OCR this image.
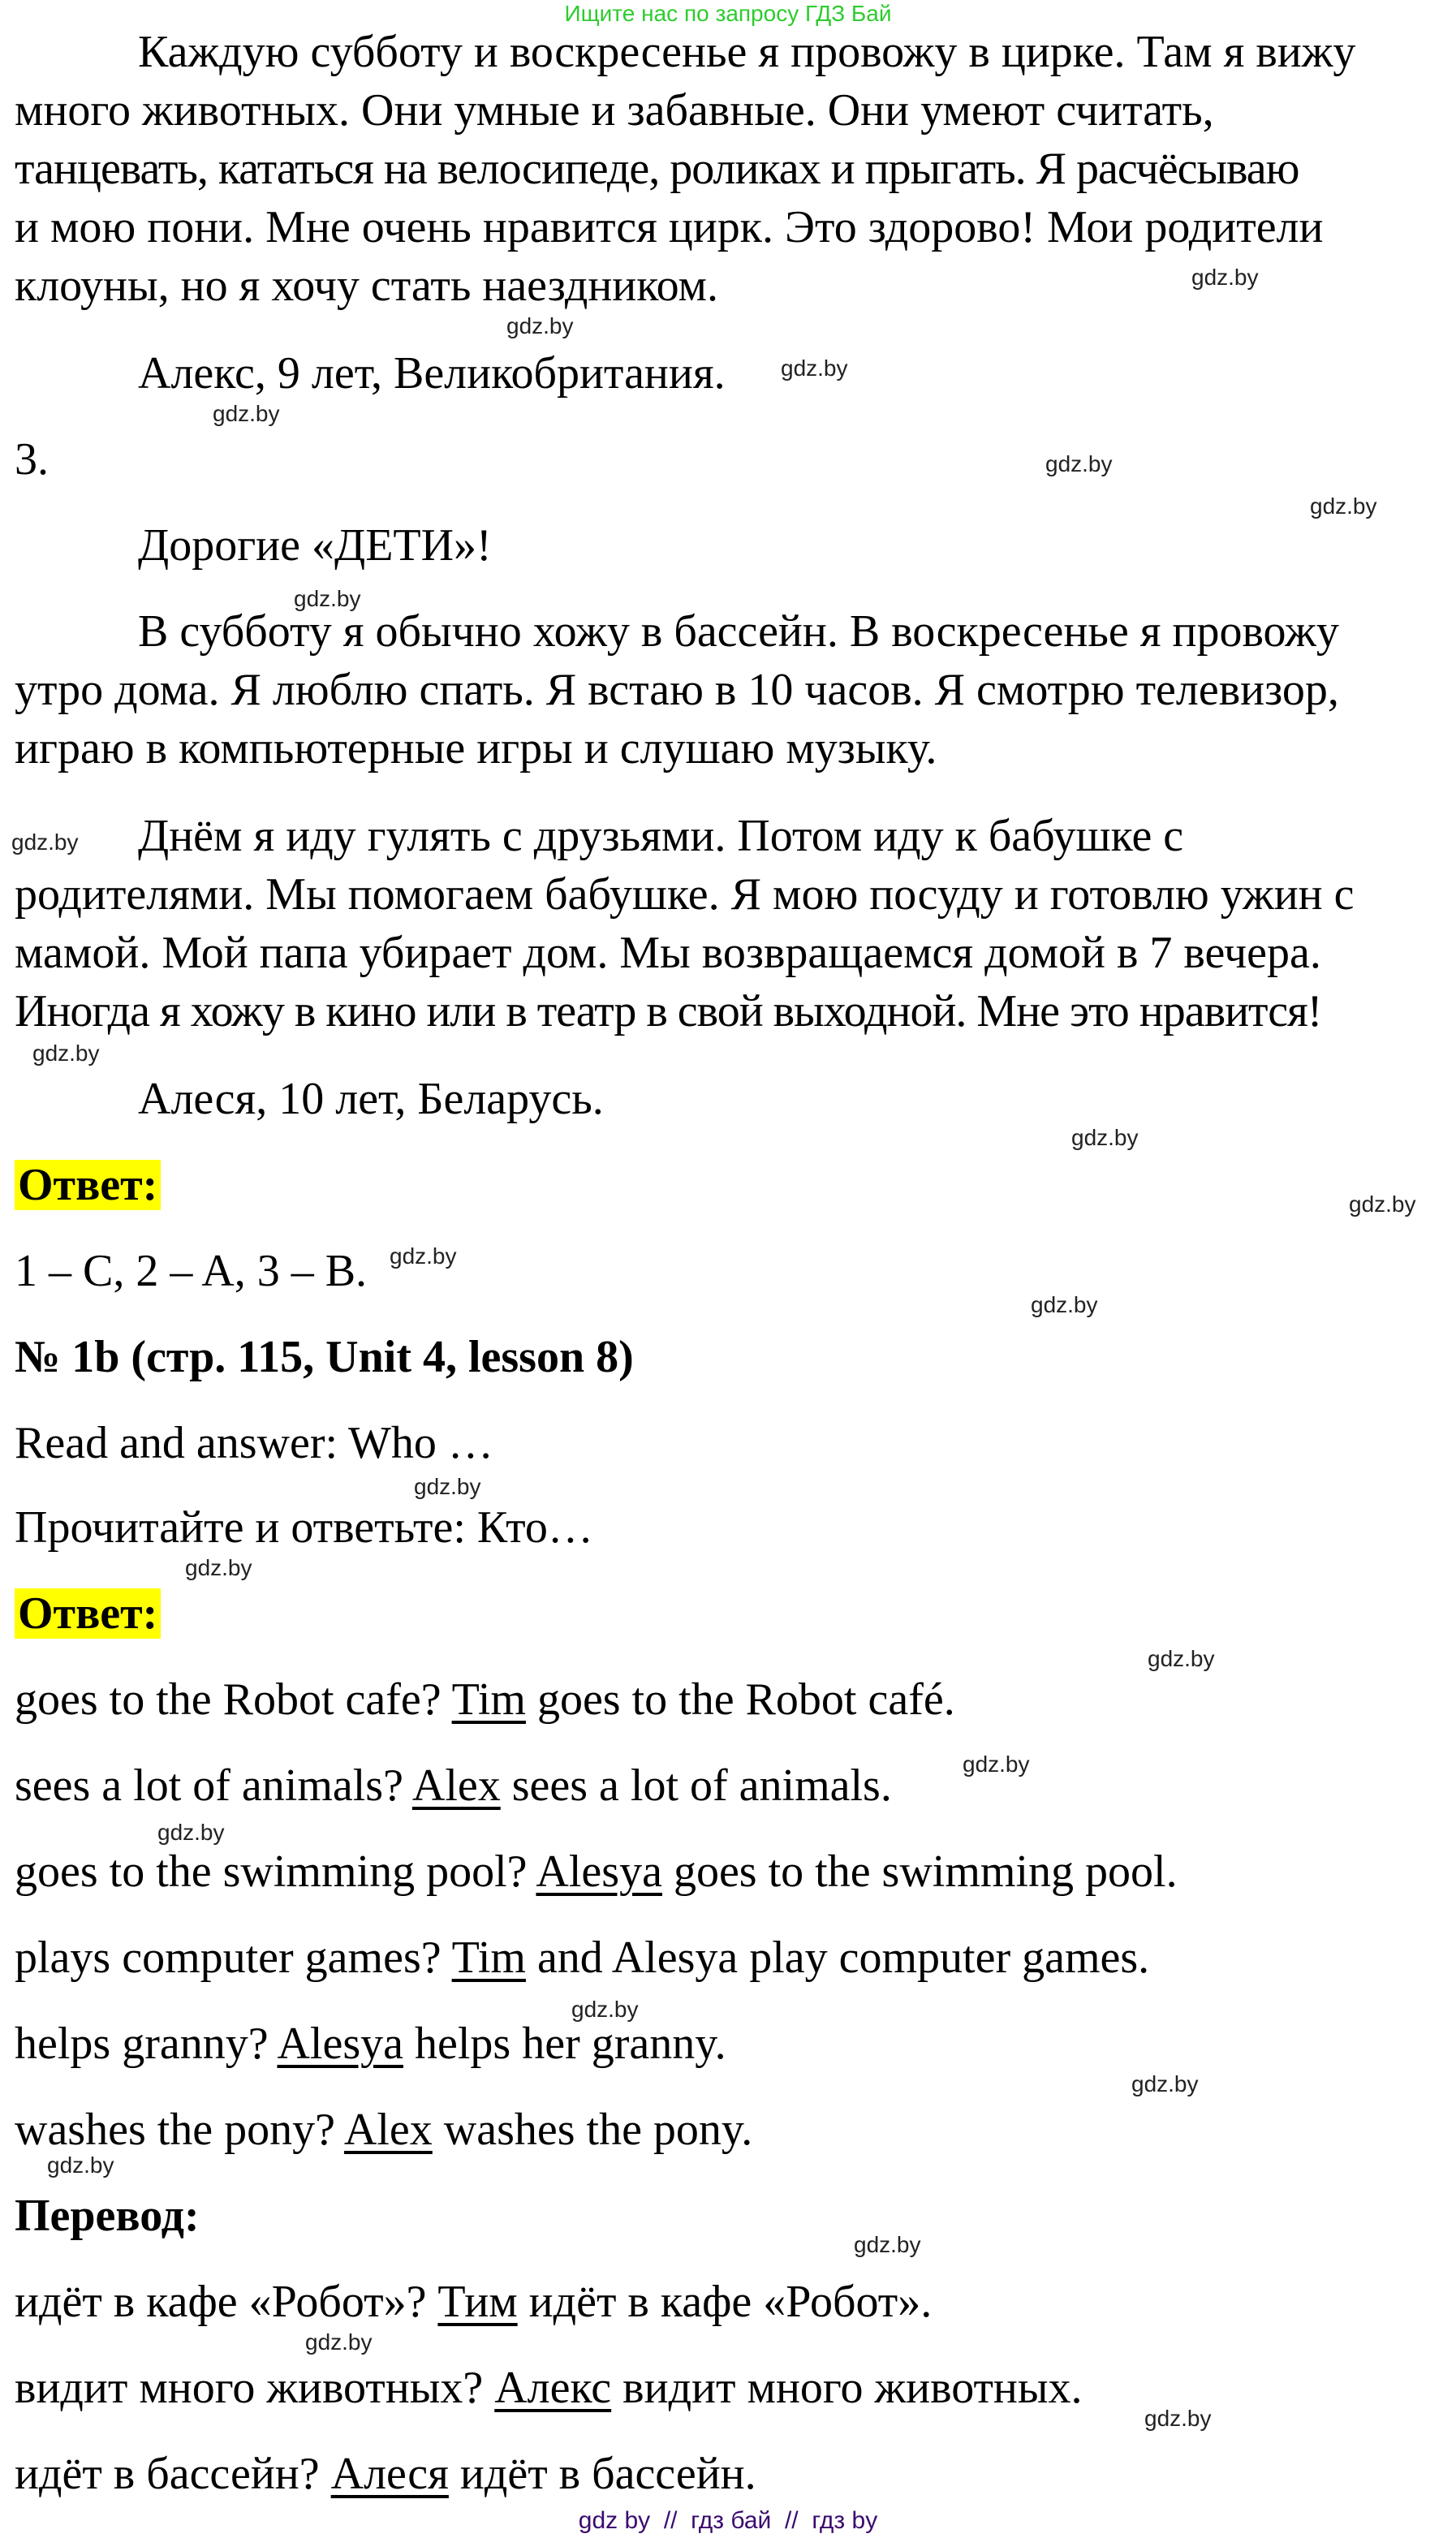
Ищите нас по запросу ГДЗ Бай
Каждую субботу и воскресенье я провожу в цирке. Там я вижу
много животных. Они умные и забавные. Они умеют считать,
танцевать, кататься на велосипеде, роликах и прыгать. Я расчёсываю
и мою пони. Мне очень нравится цирк. Это здорово! Мои родители
клоуны, но я хочу стать наездником.
Алекс, 9 лет, Великобритания.
3.
Дорогие «ДЕТИ»!
В субботу я обычно хожу в бассейн. В воскресенье я провожу
утро дома. Я люблю спать. Я встаю в 10 часов. Я смотрю телевизор,
играю в компьютерные игры и слушаю музыку.
Днём я иду гулять с друзьями. Потом иду к бабушке с
родителями. Мы помогаем бабушке. Я мою посуду и готовлю ужин с
мамой. Мой папа убирает дом. Мы возвращаемся домой в 7 вечера.
Иногда я хожу в кино или в театр в свой выходной. Мне это нравится!
Алеся, 10 лет, Беларусь.
Ответ:
1 – C, 2 – A, 3 – B.
№ 1b (стр. 115, Unit 4, lesson 8)
Read and answer: Who …
Прочитайте и ответьте: Кто…
Ответ:
goes to the Robot cafe? Tim goes to the Robot café.
sees a lot of animals? Alex sees a lot of animals.
goes to the swimming pool? Alesya goes to the swimming pool.
plays computer games? Tim and Alesya play computer games.
helps granny? Alesya helps her granny.
washes the pony? Alex washes the pony.
Перевод:
идёт в кафе «Робот»? Тим идёт в кафе «Робот».
видит много животных? Алекс видит много животных.
идёт в бассейн? Алеся идёт в бассейн.
gdz.by
gdz.by
gdz.by
gdz.by
gdz.by
gdz.by
gdz.by
gdz.by
gdz.by
gdz.by
gdz.by
gdz.by
gdz.by
gdz.by
gdz.by
gdz.by
gdz.by
gdz.by
gdz.by
gdz.by
gdz.by
gdz.by
gdz.by
gdz.by
gdz by  //  гдз бай  //  гдз by
